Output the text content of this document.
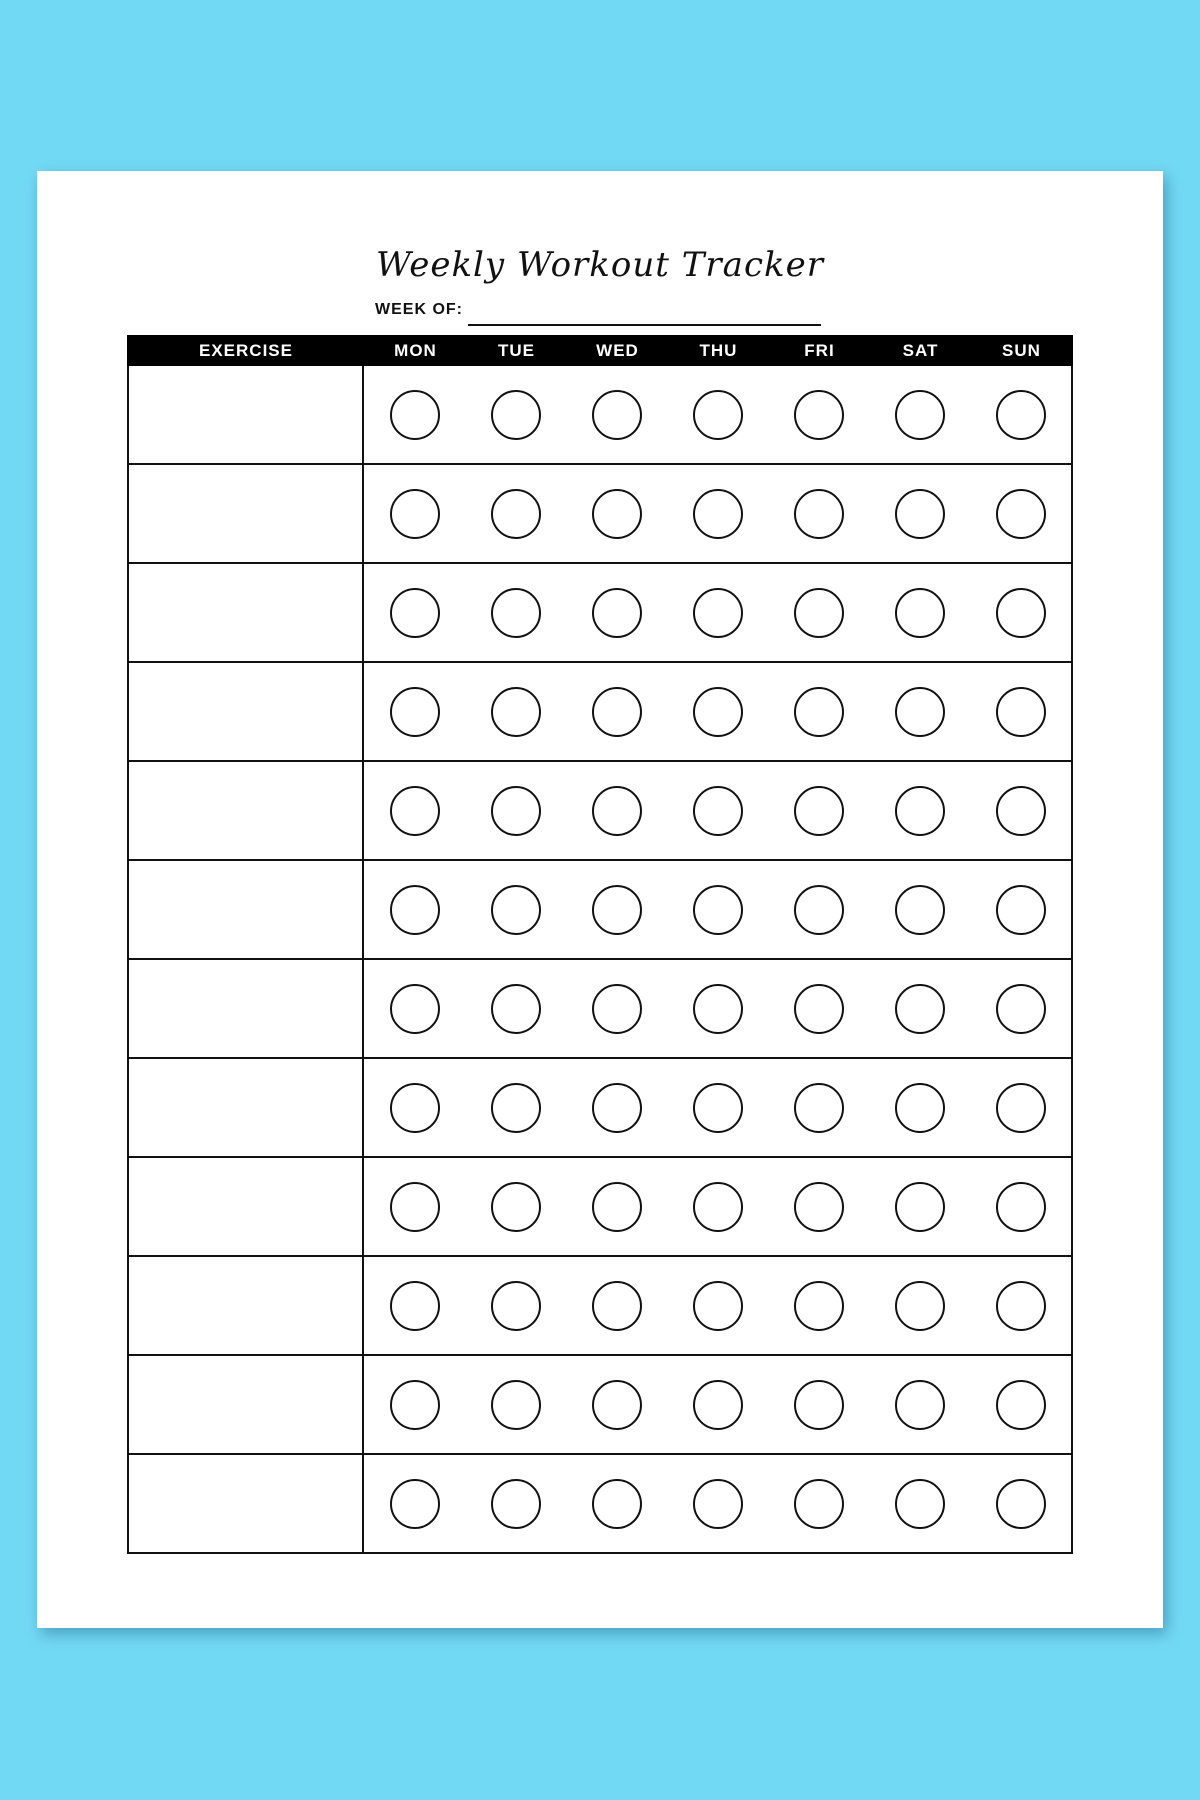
Weekly Workout Tracker
WEEK OF:
EXERCISE	MON	TUE	WED	THU	FRI	SAT	SUN
